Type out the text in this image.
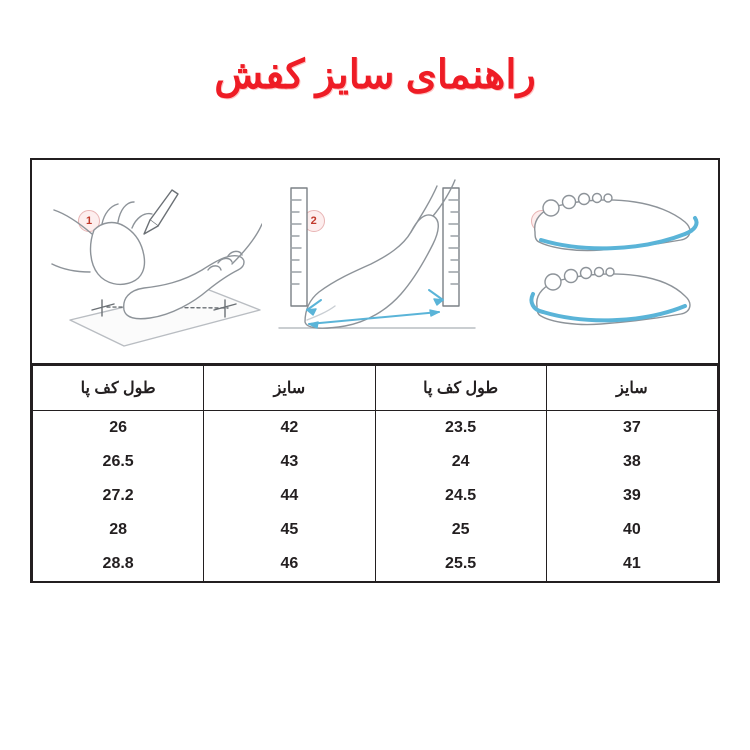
راهنمای سایز کفش
1	2
طول کف پا	سایز	طول کف پا	سایز
26	42	23.5	37
26.5	43	24	38
27.2	44	24.5	39
28	45	25	40
28.8	46	25.5	41
